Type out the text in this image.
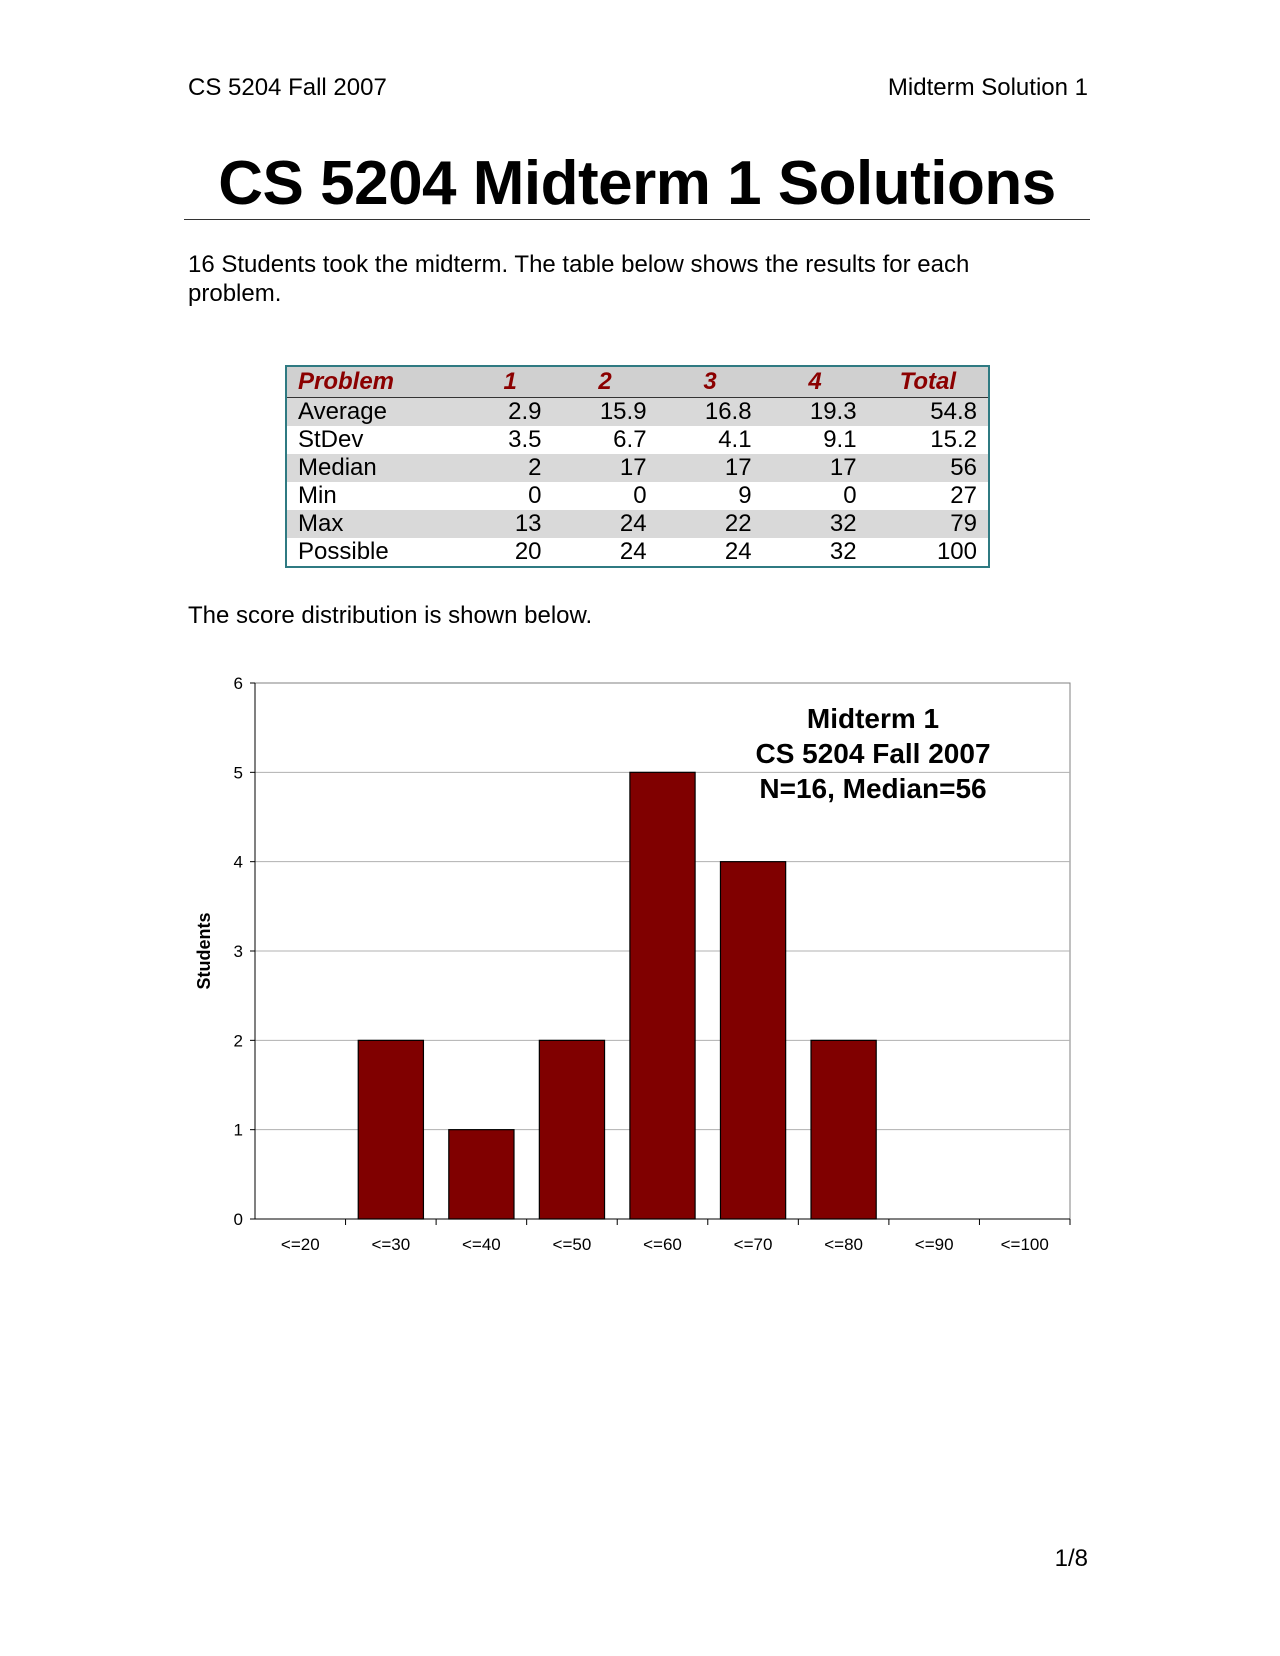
CS 5204 Fall 2007	Midterm Solution 1
CS 5204 Midterm 1 Solutions
16 Students took the midterm. The table below shows the results for each problem.
Problem	1	2	3	4	Total
Average	2.9	15.9	16.8	19.3	54.8
StDev	3.5	6.7	4.1	9.1	15.2
Median	2	17	17	17	56
Min	0	0	9	0	27
Max	13	24	22	32	79
Possible	20	24	24	32	100
The score distribution is shown below.
0
1
2
3
4
5
6
<=20	<=30	<=40	<=50	<=60	<=70	<=80	<=90	<=100
Students
Midterm 1
CS 5204 Fall 2007
N=16, Median=56
1/8
